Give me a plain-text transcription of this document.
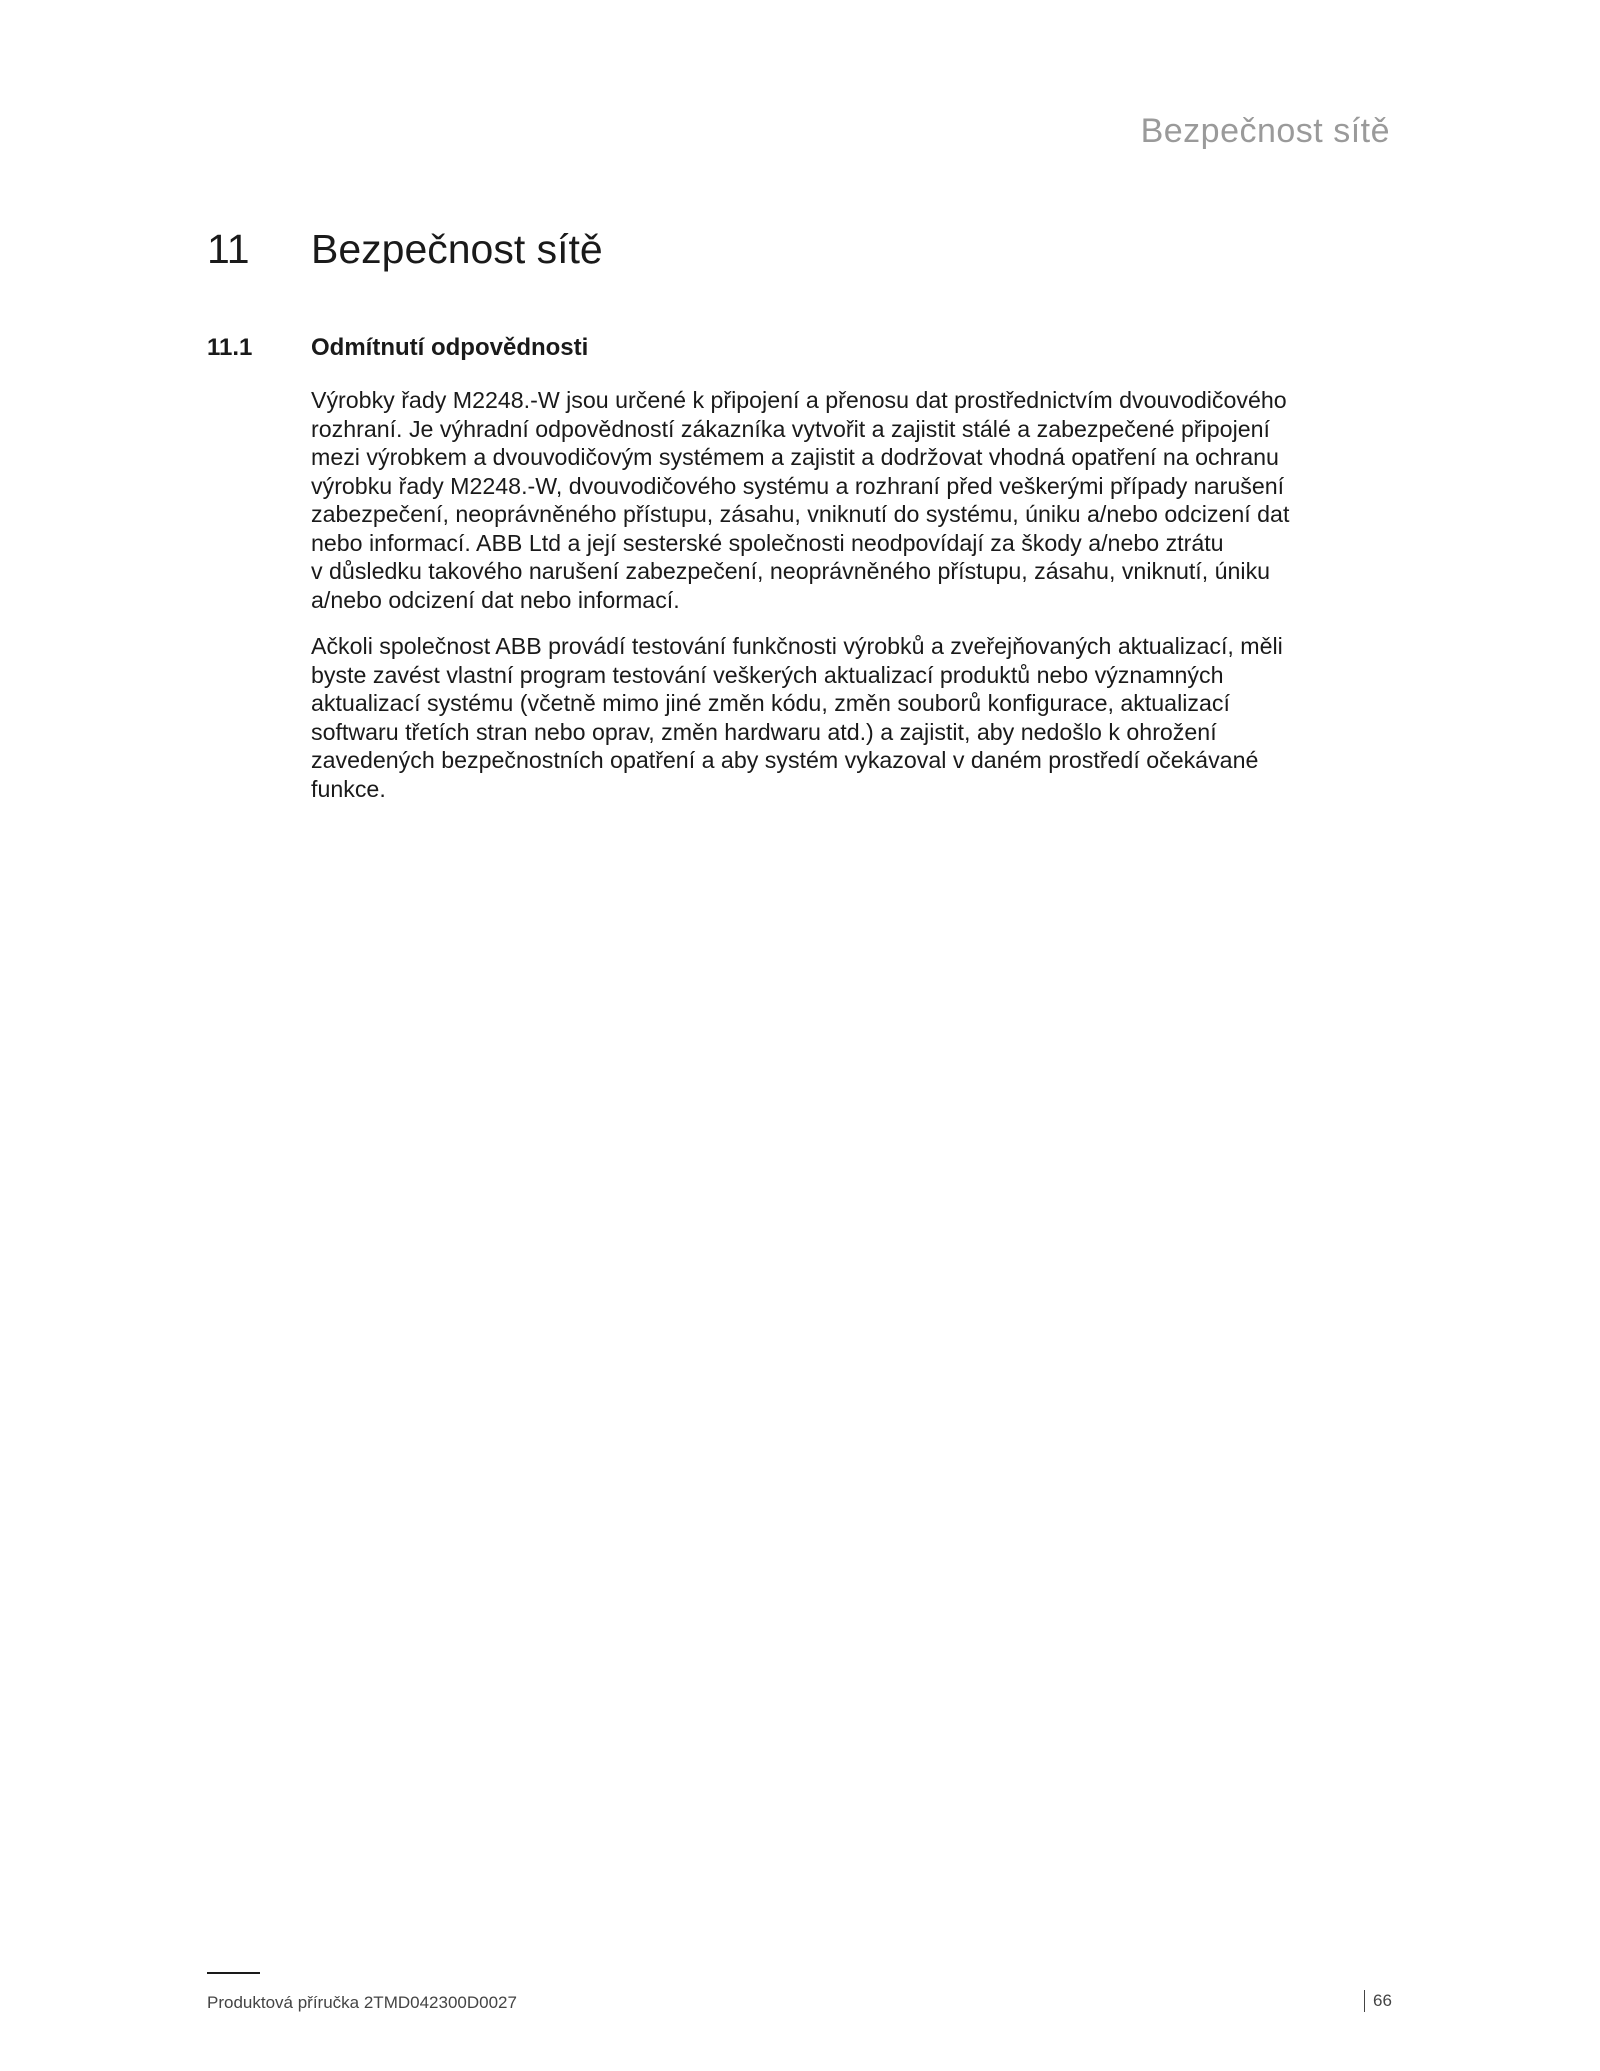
Bezpečnost sítě
11	Bezpečnost sítě
11.1	Odmítnutí odpovědnosti

Výrobky řady M2248.-W jsou určené k připojení a přenosu dat prostřednictvím dvouvodičového
rozhraní. Je výhradní odpovědností zákazníka vytvořit a zajistit stálé a zabezpečené připojení
mezi výrobkem a dvouvodičovým systémem a zajistit a dodržovat vhodná opatření na ochranu
výrobku řady M2248.-W, dvouvodičového systému a rozhraní před veškerými případy narušení
zabezpečení, neoprávněného přístupu, zásahu, vniknutí do systému, úniku a/nebo odcizení dat
nebo informací. ABB Ltd a její sesterské společnosti neodpovídají za škody a/nebo ztrátu
v důsledku takového narušení zabezpečení, neoprávněného přístupu, zásahu, vniknutí, úniku
a/nebo odcizení dat nebo informací.

Ačkoli společnost ABB provádí testování funkčnosti výrobků a zveřejňovaných aktualizací, měli
byste zavést vlastní program testování veškerých aktualizací produktů nebo významných
aktualizací systému (včetně mimo jiné změn kódu, změn souborů konfigurace, aktualizací
softwaru třetích stran nebo oprav, změn hardwaru atd.) a zajistit, aby nedošlo k ohrožení
zavedených bezpečnostních opatření a aby systém vykazoval v daném prostředí očekávané
funkce.

Produktová příručka 2TMD042300D0027	66
